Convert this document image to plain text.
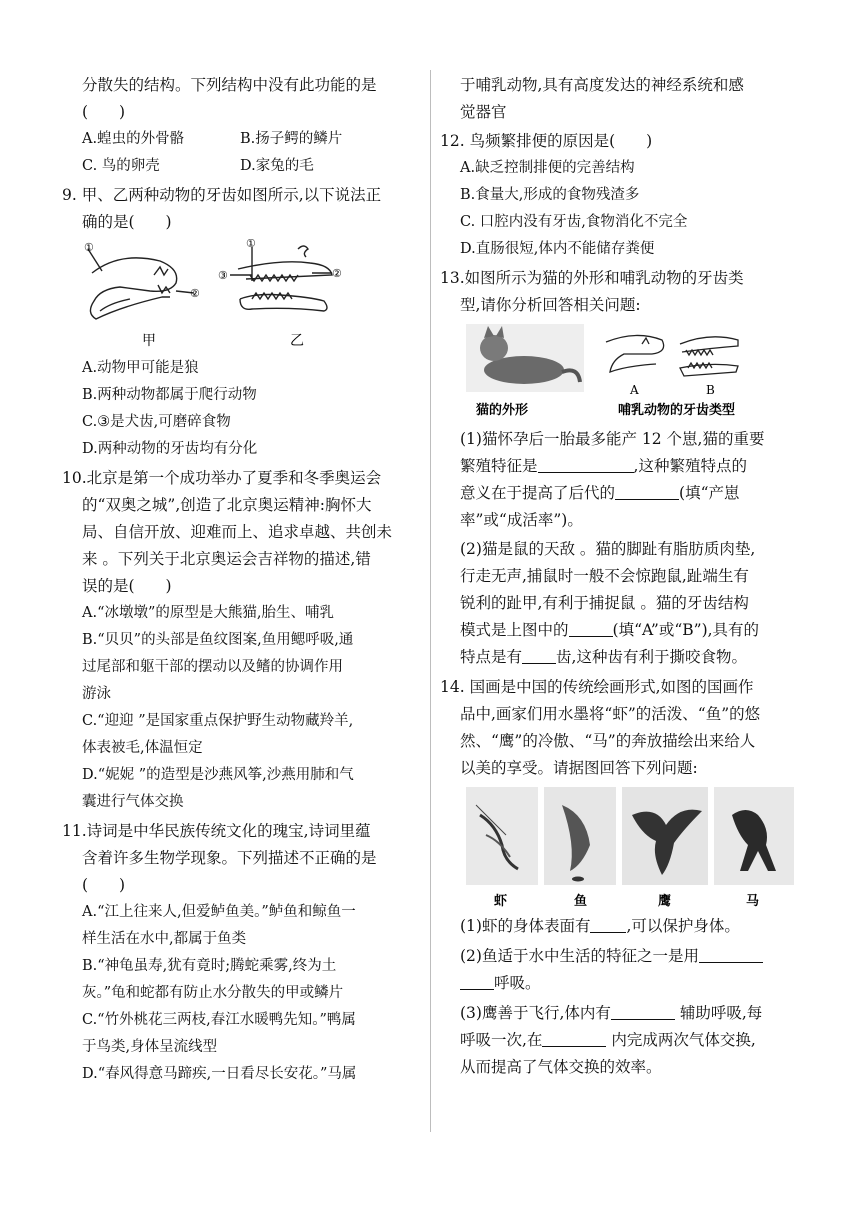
分散失的结构。下列结构中没有此功能的是

(　　)

A.蝗虫的外骨骼	B.扬子鳄的鳞片
C. 鸟的卵壳	D.家兔的毛

9. 甲、乙两种动物的牙齿如图所示,以下说法正

确的是(　　)

①
②
③
①
②
甲	乙

A.动物甲可能是狼

B.两种动物都属于爬行动物

C.③是犬齿,可磨碎食物

D.两种动物的牙齿均有分化

10.北京是第一个成功举办了夏季和冬季奥运会

的“双奥之城”,创造了北京奥运精神:胸怀大

局、自信开放、迎难而上、追求卓越、共创未

来 。下列关于北京奥运会吉祥物的描述,错

误的是(　　)

A.“冰墩墩”的原型是大熊猫,胎生、哺乳

B.“贝贝”的头部是鱼纹图案,鱼用鳃呼吸,通

过尾部和躯干部的摆动以及鳍的协调作用

游泳

C.“迎迎 ”是国家重点保护野生动物藏羚羊,

体表被毛,体温恒定

D.“妮妮 ”的造型是沙燕风筝,沙燕用肺和气

囊进行气体交换

11.诗词是中华民族传统文化的瑰宝,诗词里蕴

含着许多生物学现象。下列描述不正确的是

(　　)

A.“江上往来人,但爱鲈鱼美。”鲈鱼和鲸鱼一

样生活在水中,都属于鱼类

B.“神龟虽寿,犹有竟时;腾蛇乘雾,终为土

灰。”龟和蛇都有防止水分散失的甲或鳞片

C.“竹外桃花三两枝,春江水暖鸭先知。”鸭属

于鸟类,身体呈流线型

D.“春风得意马蹄疾,一日看尽长安花。”马属

于哺乳动物,具有高度发达的神经系统和感

觉器官

12. 鸟频繁排便的原因是(　　)

A.缺乏控制排便的完善结构

B.食量大,形成的食物残渣多

C. 口腔内没有牙齿,食物消化不完全

D.直肠很短,体内不能储存粪便

13.如图所示为猫的外形和哺乳动物的牙齿类

型,请你分析回答相关问题:

猫的外形
A	B
哺乳动物的牙齿类型

(1)猫怀孕后一胎最多能产 12 个崽,猫的重要

繁殖特征是	,这种繁殖特点的

意义在于提高了后代的	(填“产崽

率”或“成活率”)。

(2)猫是鼠的天敌 。猫的脚趾有脂肪质肉垫,

行走无声,捕鼠时一般不会惊跑鼠,趾端生有

锐利的趾甲,有利于捕捉鼠 。猫的牙齿结构

模式是上图中的	(填“A”或“B”),具有的

特点是有 齿,这种齿有利于撕咬食物。

14. 国画是中国的传统绘画形式,如图的国画作

品中,画家们用水墨将“虾”的活泼、“鱼”的悠

然、“鹰”的冷傲、“马”的奔放描绘出来给人

以美的享受。请据图回答下列问题:

虾	鱼	鹰	马

(1)虾的身体表面有 ,可以保护身体。

(2)鱼适于水中生活的特征之一是用

呼吸。

(3)鹰善于飞行,体内有	辅助呼吸,每

呼吸一次,在	内完成两次气体交换,

从而提高了气体交换的效率。
